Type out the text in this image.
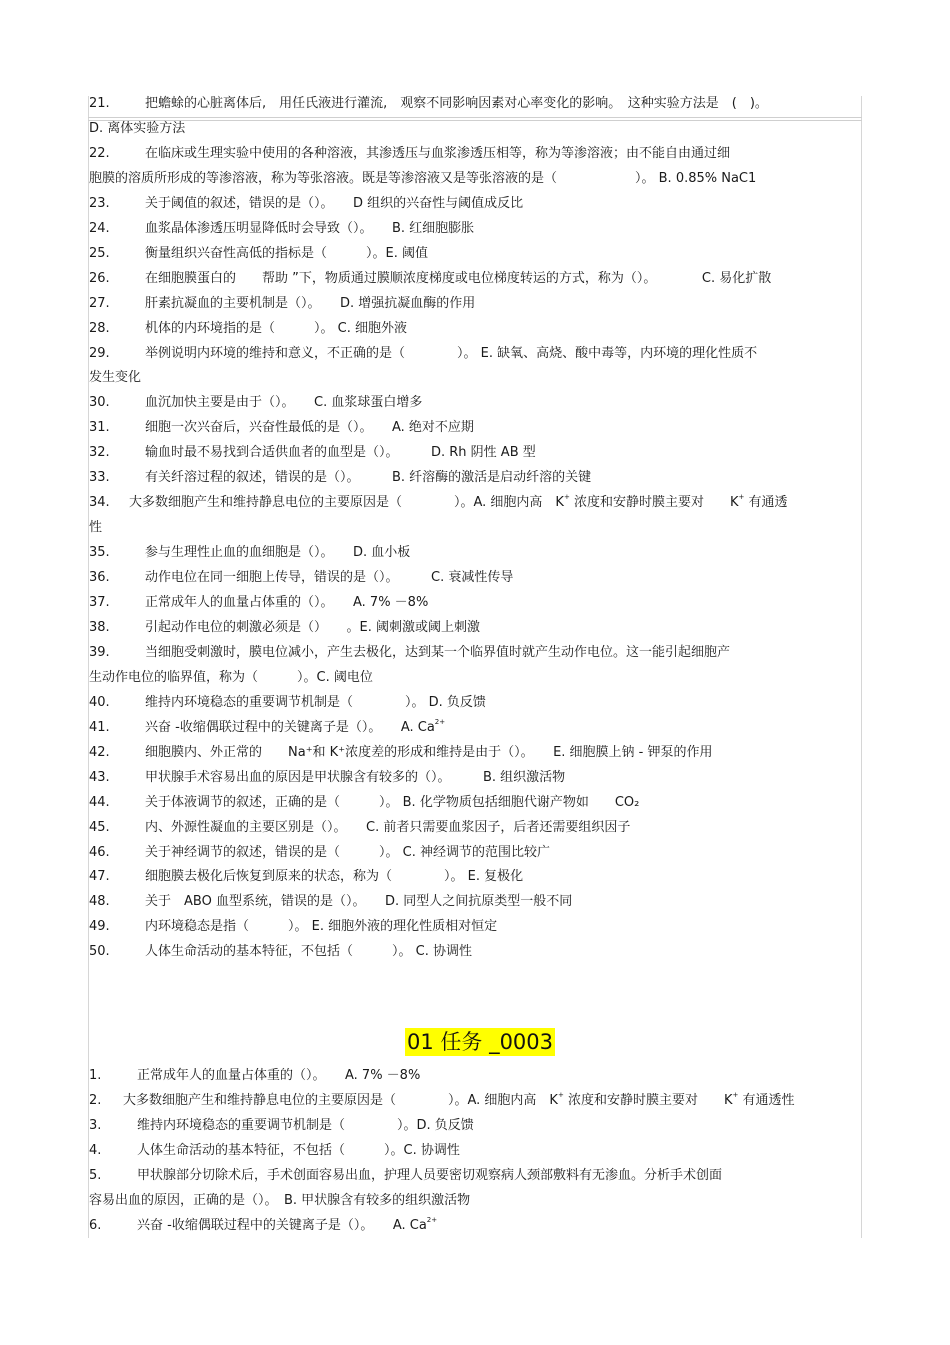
21.	把蟾蜍的心脏离体后,　用任氏液进行灌流,　观察不同影响因素对心率变化的影响。　这种实验方法是　(　)。
D. 离体实验方法
22.	在临床或生理实验中使用的各种溶液，其渗透压与血浆渗透压相等，称为等渗溶液；由不能自由通过细
胞膜的溶质所形成的等渗溶液，称为等张溶液。既是等渗溶液又是等张溶液的是（　　　　　　）。 B. 0.85% NaC1
23.	关于阈值的叙述，错误的是（）。　　D 组织的兴奋性与阈值成反比
24.	血浆晶体渗透压明显降低时会导致（）。　　B. 红细胞膨胀
25.	衡量组织兴奋性高低的指标是（　　　）。E. 阈值
26.	在细胞膜蛋白的　　帮助 ”下，物质通过膜顺浓度梯度或电位梯度转运的方式，称为（）。　　　　C. 易化扩散
27.	肝素抗凝血的主要机制是（）。　　D. 增强抗凝血酶的作用
28.	机体的内环境指的是（　　　）。 C. 细胞外液
29.	举例说明内环境的维持和意义，不正确的是（　　　　）。 E. 缺氧、高烧、酸中毒等，内环境的理化性质不
发生变化
30.	血沉加快主要是由于（）。　　C. 血浆球蛋白增多
31.	细胞一次兴奋后，兴奋性最低的是（）。　　A. 绝对不应期
32.	输血时最不易找到合适供血者的血型是（）。　　　D. Rh 阴性 AB 型
33.	有关纤溶过程的叙述，错误的是（）。　　　B. 纤溶酶的激活是启动纤溶的关键
34. 大多数细胞产生和维持静息电位的主要原因是（　　　　）。A. 细胞内高　K+ 浓度和安静时膜主要对　　K+ 有通透
性
35.	参与生理性止血的血细胞是（）。　　D. 血小板
36.	动作电位在同一细胞上传导，错误的是（）。　　　C. 衰减性传导
37.	正常成年人的血量占体重的（）。　　A. 7% －8%
38.	引起动作电位的刺激必须是（）　　。E. 阈刺激或阈上刺激
39.	当细胞受刺激时，膜电位减小，产生去极化，达到某一个临界值时就产生动作电位。这一能引起细胞产
生动作电位的临界值，称为（　　　）。C. 阈电位
40.	维持内环境稳态的重要调节机制是（　　　　）。 D. 负反馈
41.	兴奋 -收缩偶联过程中的关键离子是（）。　　A. $Ca^{2+}$
42.	细胞膜内、外正常的　　Na⁺和 K⁺浓度差的形成和维持是由于（）。　　E. 细胞膜上钠 - 钾泵的作用
43.	甲状腺手术容易出血的原因是甲状腺含有较多的（）。　　　B. 组织激活物
44.	关于体液调节的叙述，正确的是（　　　）。 B. 化学物质包括细胞代谢产物如　　CO₂
45.	内、外源性凝血的主要区别是（）。　　C. 前者只需要血浆因子，后者还需要组织因子
46.	关于神经调节的叙述，错误的是（　　　）。 C. 神经调节的范围比较广
47.	细胞膜去极化后恢复到原来的状态，称为（　　　　）。 E. 复极化
48.	关于　ABO 血型系统，错误的是（）。　　D. 同型人之间抗原类型一般不同
49.	内环境稳态是指（　　　）。 E. 细胞外液的理化性质相对恒定
50.	人体生命活动的基本特征，不包括（　　　）。 C. 协调性
01 任务 _0003
1.	正常成年人的血量占体重的（）。　　A. 7% －8%
2. 大多数细胞产生和维持静息电位的主要原因是（　　　　）。A. 细胞内高　K+ 浓度和安静时膜主要对　　K+ 有通透性
3.	维持内环境稳态的重要调节机制是（　　　　）。D. 负反馈
4.	人体生命活动的基本特征，不包括（　　　）。C. 协调性
5.	甲状腺部分切除术后，手术创面容易出血，护理人员要密切观察病人颈部敷料有无渗血。分析手术创面
容易出血的原因，正确的是（）。　B. 甲状腺含有较多的组织激活物
6.	兴奋 -收缩偶联过程中的关键离子是（）。　　A. $Ca^{2+}$
